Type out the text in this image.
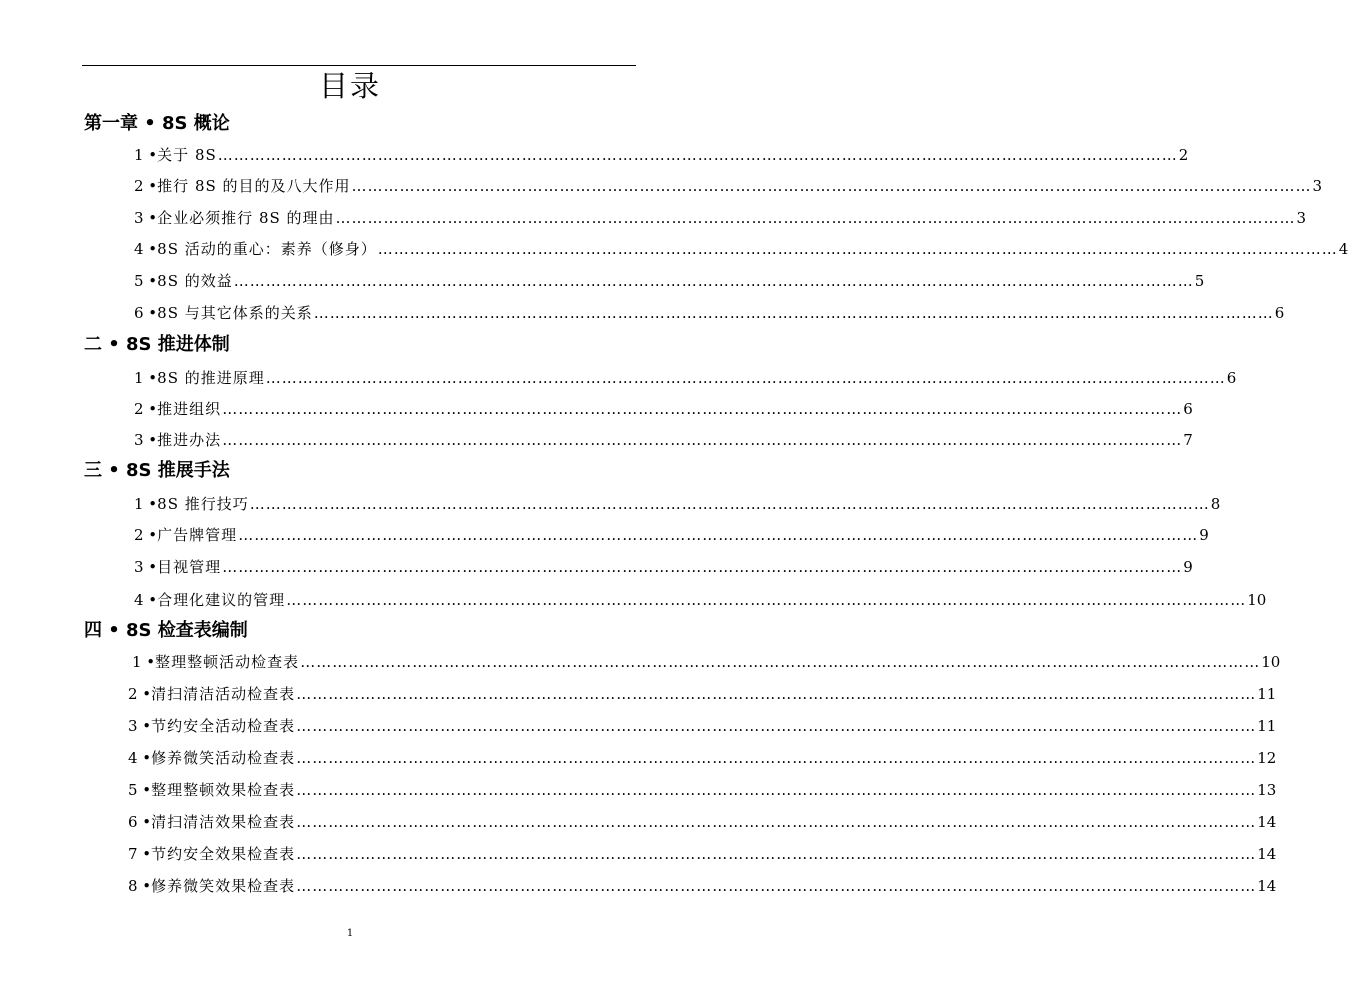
目录
第一章 • 8S 概论
1 • 关于 8S ……………………………………………………………………………………………………………………………………………………………… 2
2 • 推行 8S 的目的及八大作用 ……………………………………………………………………………………………………………………………………………………………… 3
3 • 企业必须推行 8S 的理由 ……………………………………………………………………………………………………………………………………………………………… 3
4 • 8S 活动的重心：素养（修身） ……………………………………………………………………………………………………………………………………………………………… 4
5 • 8S 的效益 ……………………………………………………………………………………………………………………………………………………………… 5
6 • 8S 与其它体系的关系 ……………………………………………………………………………………………………………………………………………………………… 6
二 • 8S 推进体制
1 • 8S 的推进原理 ……………………………………………………………………………………………………………………………………………………………… 6
2 • 推进组织 ……………………………………………………………………………………………………………………………………………………………… 6
3 • 推进办法 ……………………………………………………………………………………………………………………………………………………………… 7
三 • 8S 推展手法
1 • 8S 推行技巧 ……………………………………………………………………………………………………………………………………………………………… 8
2 • 广告牌管理 ……………………………………………………………………………………………………………………………………………………………… 9
3 • 目视管理 ……………………………………………………………………………………………………………………………………………………………… 9
4 • 合理化建议的管理 ……………………………………………………………………………………………………………………………………………………………… 10
四 • 8S 检查表编制
1 • 整理整顿活动检查表 ……………………………………………………………………………………………………………………………………………………………… 10
2 • 清扫清洁活动检查表 ……………………………………………………………………………………………………………………………………………………………… 11
3 • 节约安全活动检查表 ……………………………………………………………………………………………………………………………………………………………… 11
4 • 修养微笑活动检查表 ……………………………………………………………………………………………………………………………………………………………… 12
5 • 整理整顿效果检查表 ……………………………………………………………………………………………………………………………………………………………… 13
6 • 清扫清洁效果检查表 ……………………………………………………………………………………………………………………………………………………………… 14
7 • 节约安全效果检查表 ……………………………………………………………………………………………………………………………………………………………… 14
8 • 修养微笑效果检查表 ……………………………………………………………………………………………………………………………………………………………… 14
1
